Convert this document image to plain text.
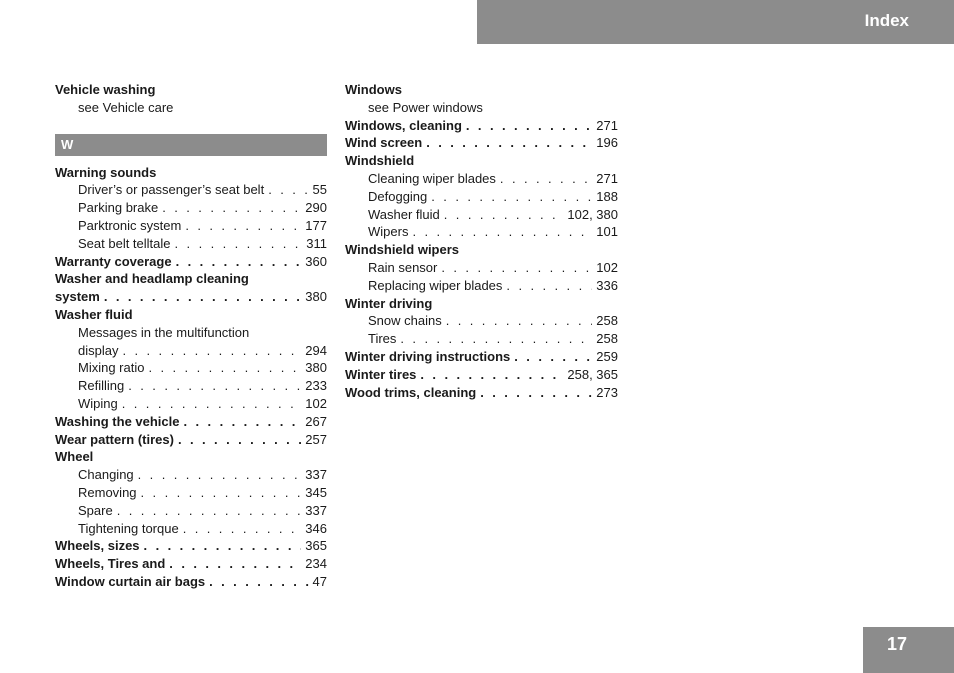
Index
Vehicle washing
see Vehicle care
W
Warning sounds
Driver’s or passenger’s seat belt . . .	55
Parking brake . . .	290
Parktronic system . . .	177
Seat belt telltale . . .	311
Warranty coverage . . .	360
Washer and headlamp cleaning
system . . .	380
Washer fluid
Messages in the multifunction
display . . .	294
Mixing ratio . . .	380
Refilling . . .	233
Wiping . . .	102
Washing the vehicle . . .	267
Wear pattern (tires) . . .	257
Wheel
Changing . . .	337
Removing . . .	345
Spare . . .	337
Tightening torque . . .	346
Wheels, sizes . . .	365
Wheels, Tires and . . .	234
Window curtain air bags . . .	47
Windows
see Power windows
Windows, cleaning . . .	271
Wind screen . . .	196
Windshield
Cleaning wiper blades . . .	271
Defogging . . .	188
Washer fluid . . .	102, 380
Wipers . . .	101
Windshield wipers
Rain sensor . . .	102
Replacing wiper blades . . .	336
Winter driving
Snow chains . . .	258
Tires . . .	258
Winter driving instructions . . .	259
Winter tires . . .	258, 365
Wood trims, cleaning . . .	273
17
